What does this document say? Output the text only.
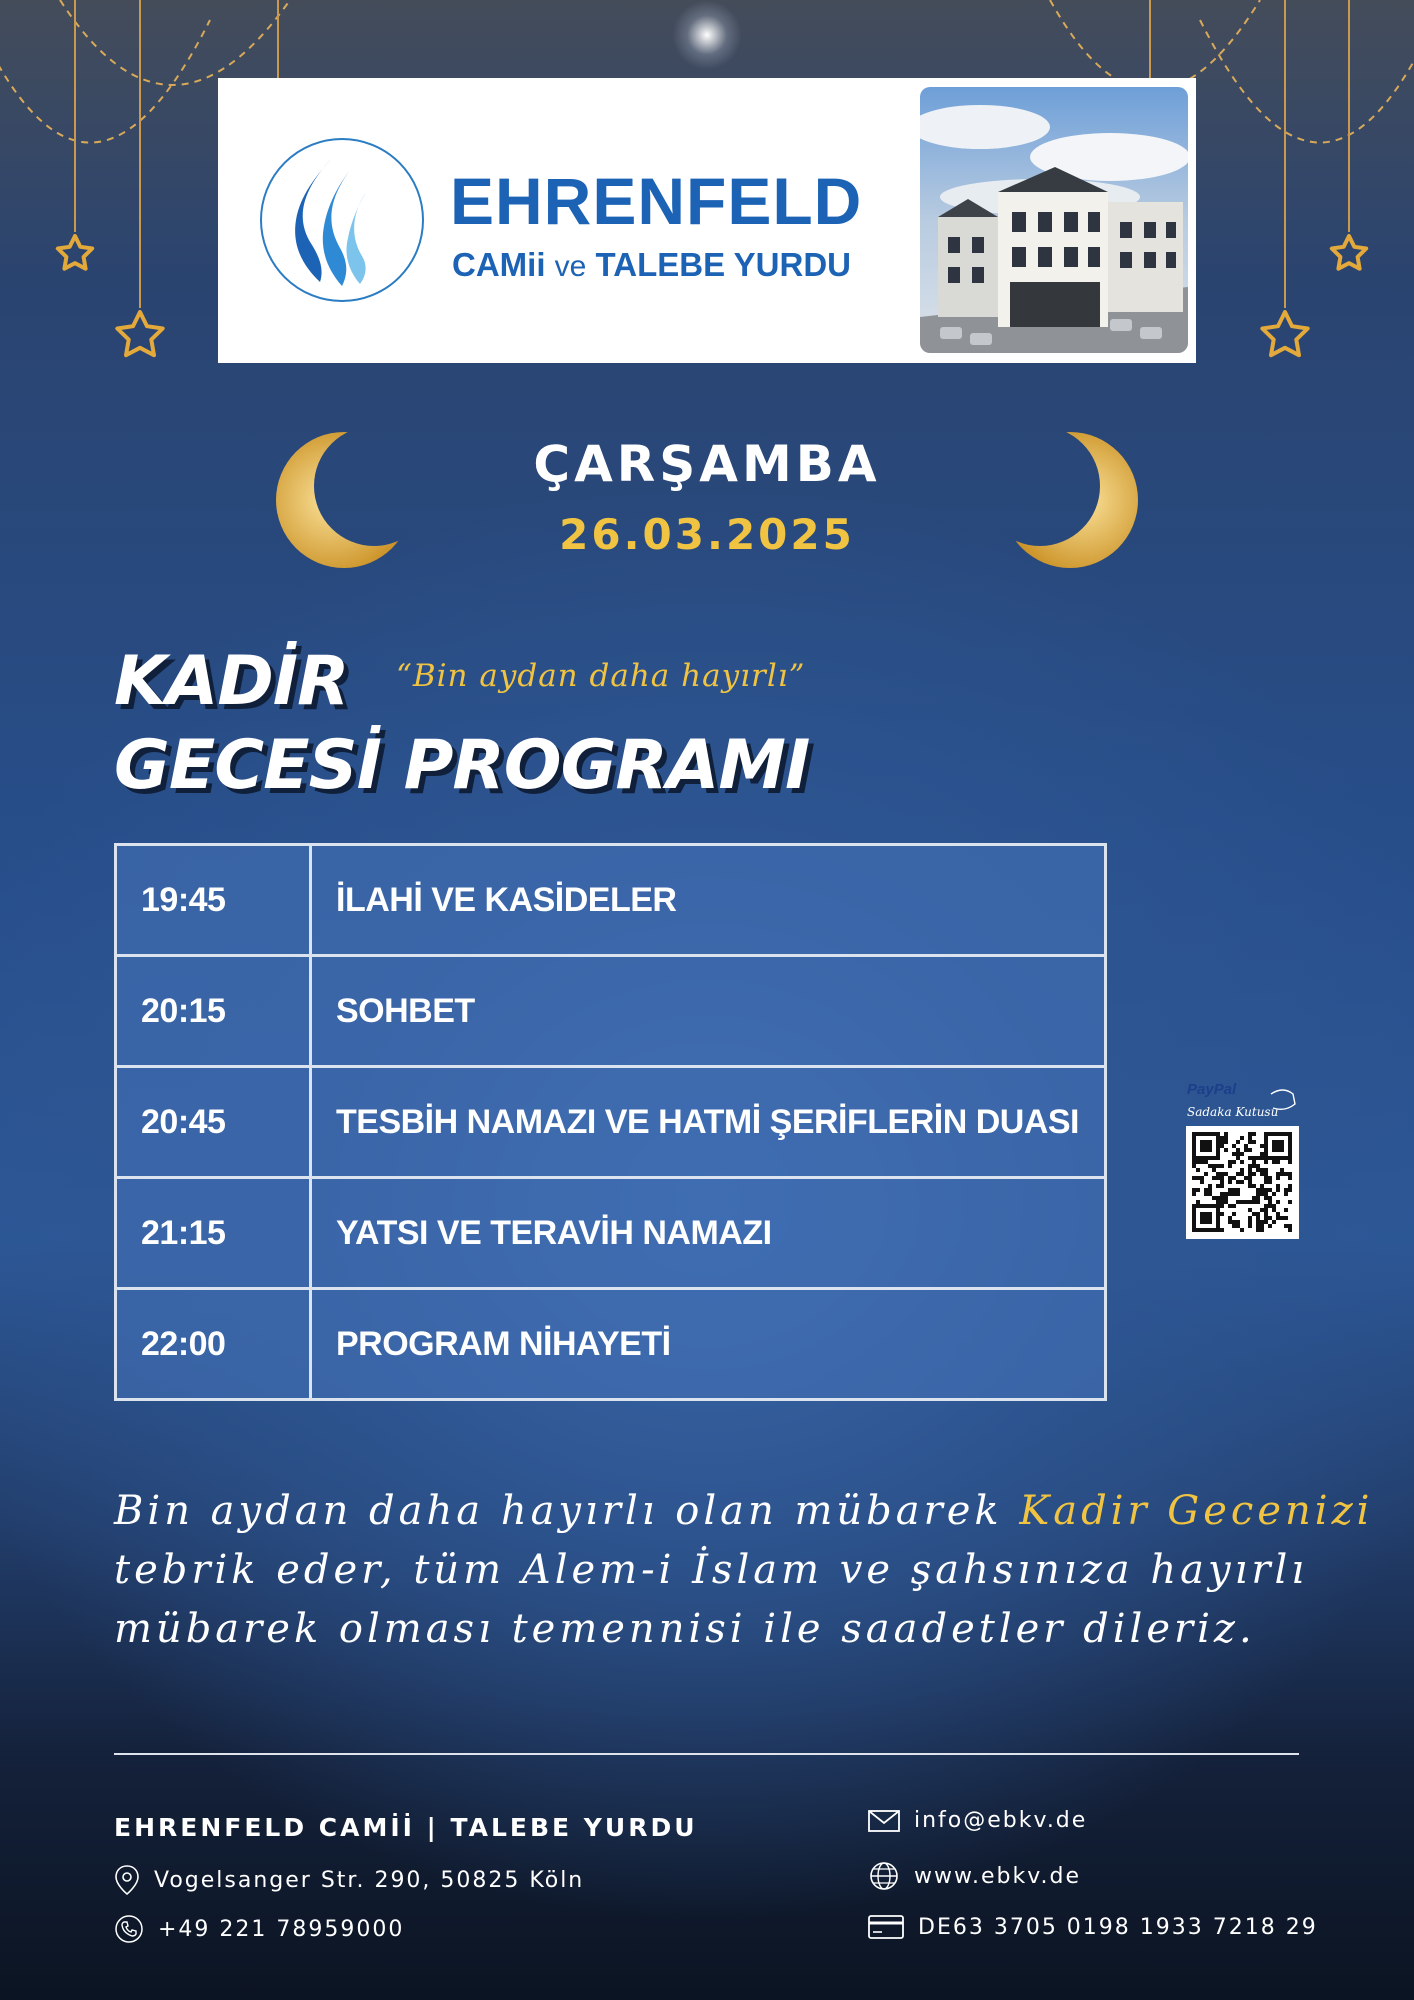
EHRENFELD
CAMii ve TALEBE YURDU
ÇARŞAMBA
26.03.2025
KADİR “Bin aydan daha hayırlı”
GECESİ PROGRAMI
19:45	İLAHİ VE KASİDELER
20:15	SOHBET
20:45	TESBİH NAMAZI VE HATMİ ŞERİFLERİN DUASI
21:15	YATSI VE TERAVİH NAMAZI
22:00	PROGRAM NİHAYETİ
PayPal
Sadaka Kutusu
Bin aydan daha hayırlı olan mübarek Kadir Gecenizi
tebrik eder, tüm Alem-i İslam ve şahsınıza hayırlı
mübarek olması temennisi ile saadetler dileriz.
EHRENFELD CAMİİ | TALEBE YURDU
Vogelsanger Str. 290, 50825 Köln
+49 221 78959000
info@ebkv.de
www.ebkv.de
DE63 3705 0198 1933 7218 29
